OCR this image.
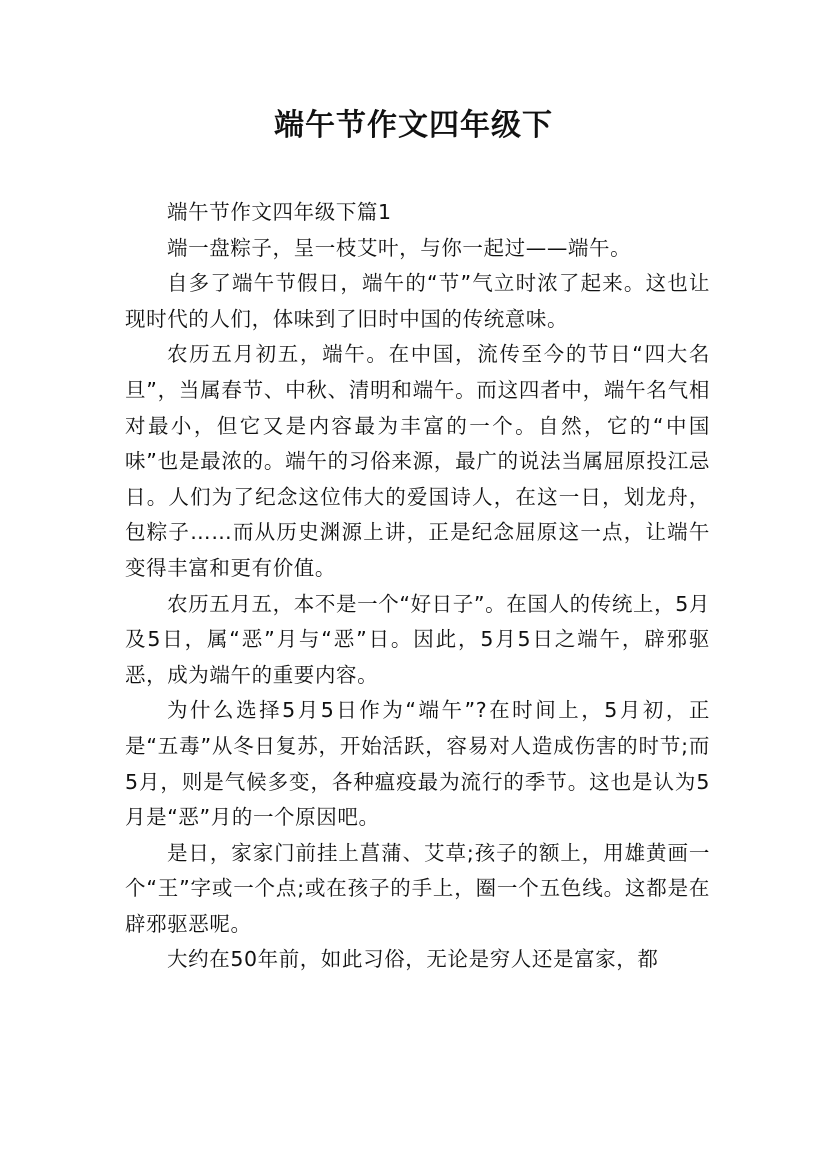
端午节作文四年级下

端午节作文四年级下篇1

端一盘粽子，呈一枝艾叶，与你一起过——端午。

自多了端午节假日，端午的“节”气立时浓了起来。这也让现时代的人们，体味到了旧时中国的传统意味。

农历五月初五，端午。在中国，流传至今的节日“四大名旦”，当属春节、中秋、清明和端午。而这四者中，端午名气相对最小，但它又是内容最为丰富的一个。自然，它的“中国味”也是最浓的。端午的习俗来源，最广的说法当属屈原投江忌日。人们为了纪念这位伟大的爱国诗人，在这一日，划龙舟，包粽子……而从历史渊源上讲，正是纪念屈原这一点，让端午变得丰富和更有价值。

农历五月五，本不是一个“好日子”。在国人的传统上，5月及5日，属“恶”月与“恶”日。因此，5月5日之端午，辟邪驱恶，成为端午的重要内容。

为什么选择5月5日作为“端午”?在时间上，5月初，正是“五毒”从冬日复苏，开始活跃，容易对人造成伤害的时节;而5月，则是气候多变，各种瘟疫最为流行的季节。这也是认为5月是“恶”月的一个原因吧。

是日，家家门前挂上菖蒲、艾草;孩子的额上，用雄黄画一个“王”字或一个点;或在孩子的手上，圈一个五色线。这都是在辟邪驱恶呢。

大约在50年前，如此习俗，无论是穷人还是富家，都
